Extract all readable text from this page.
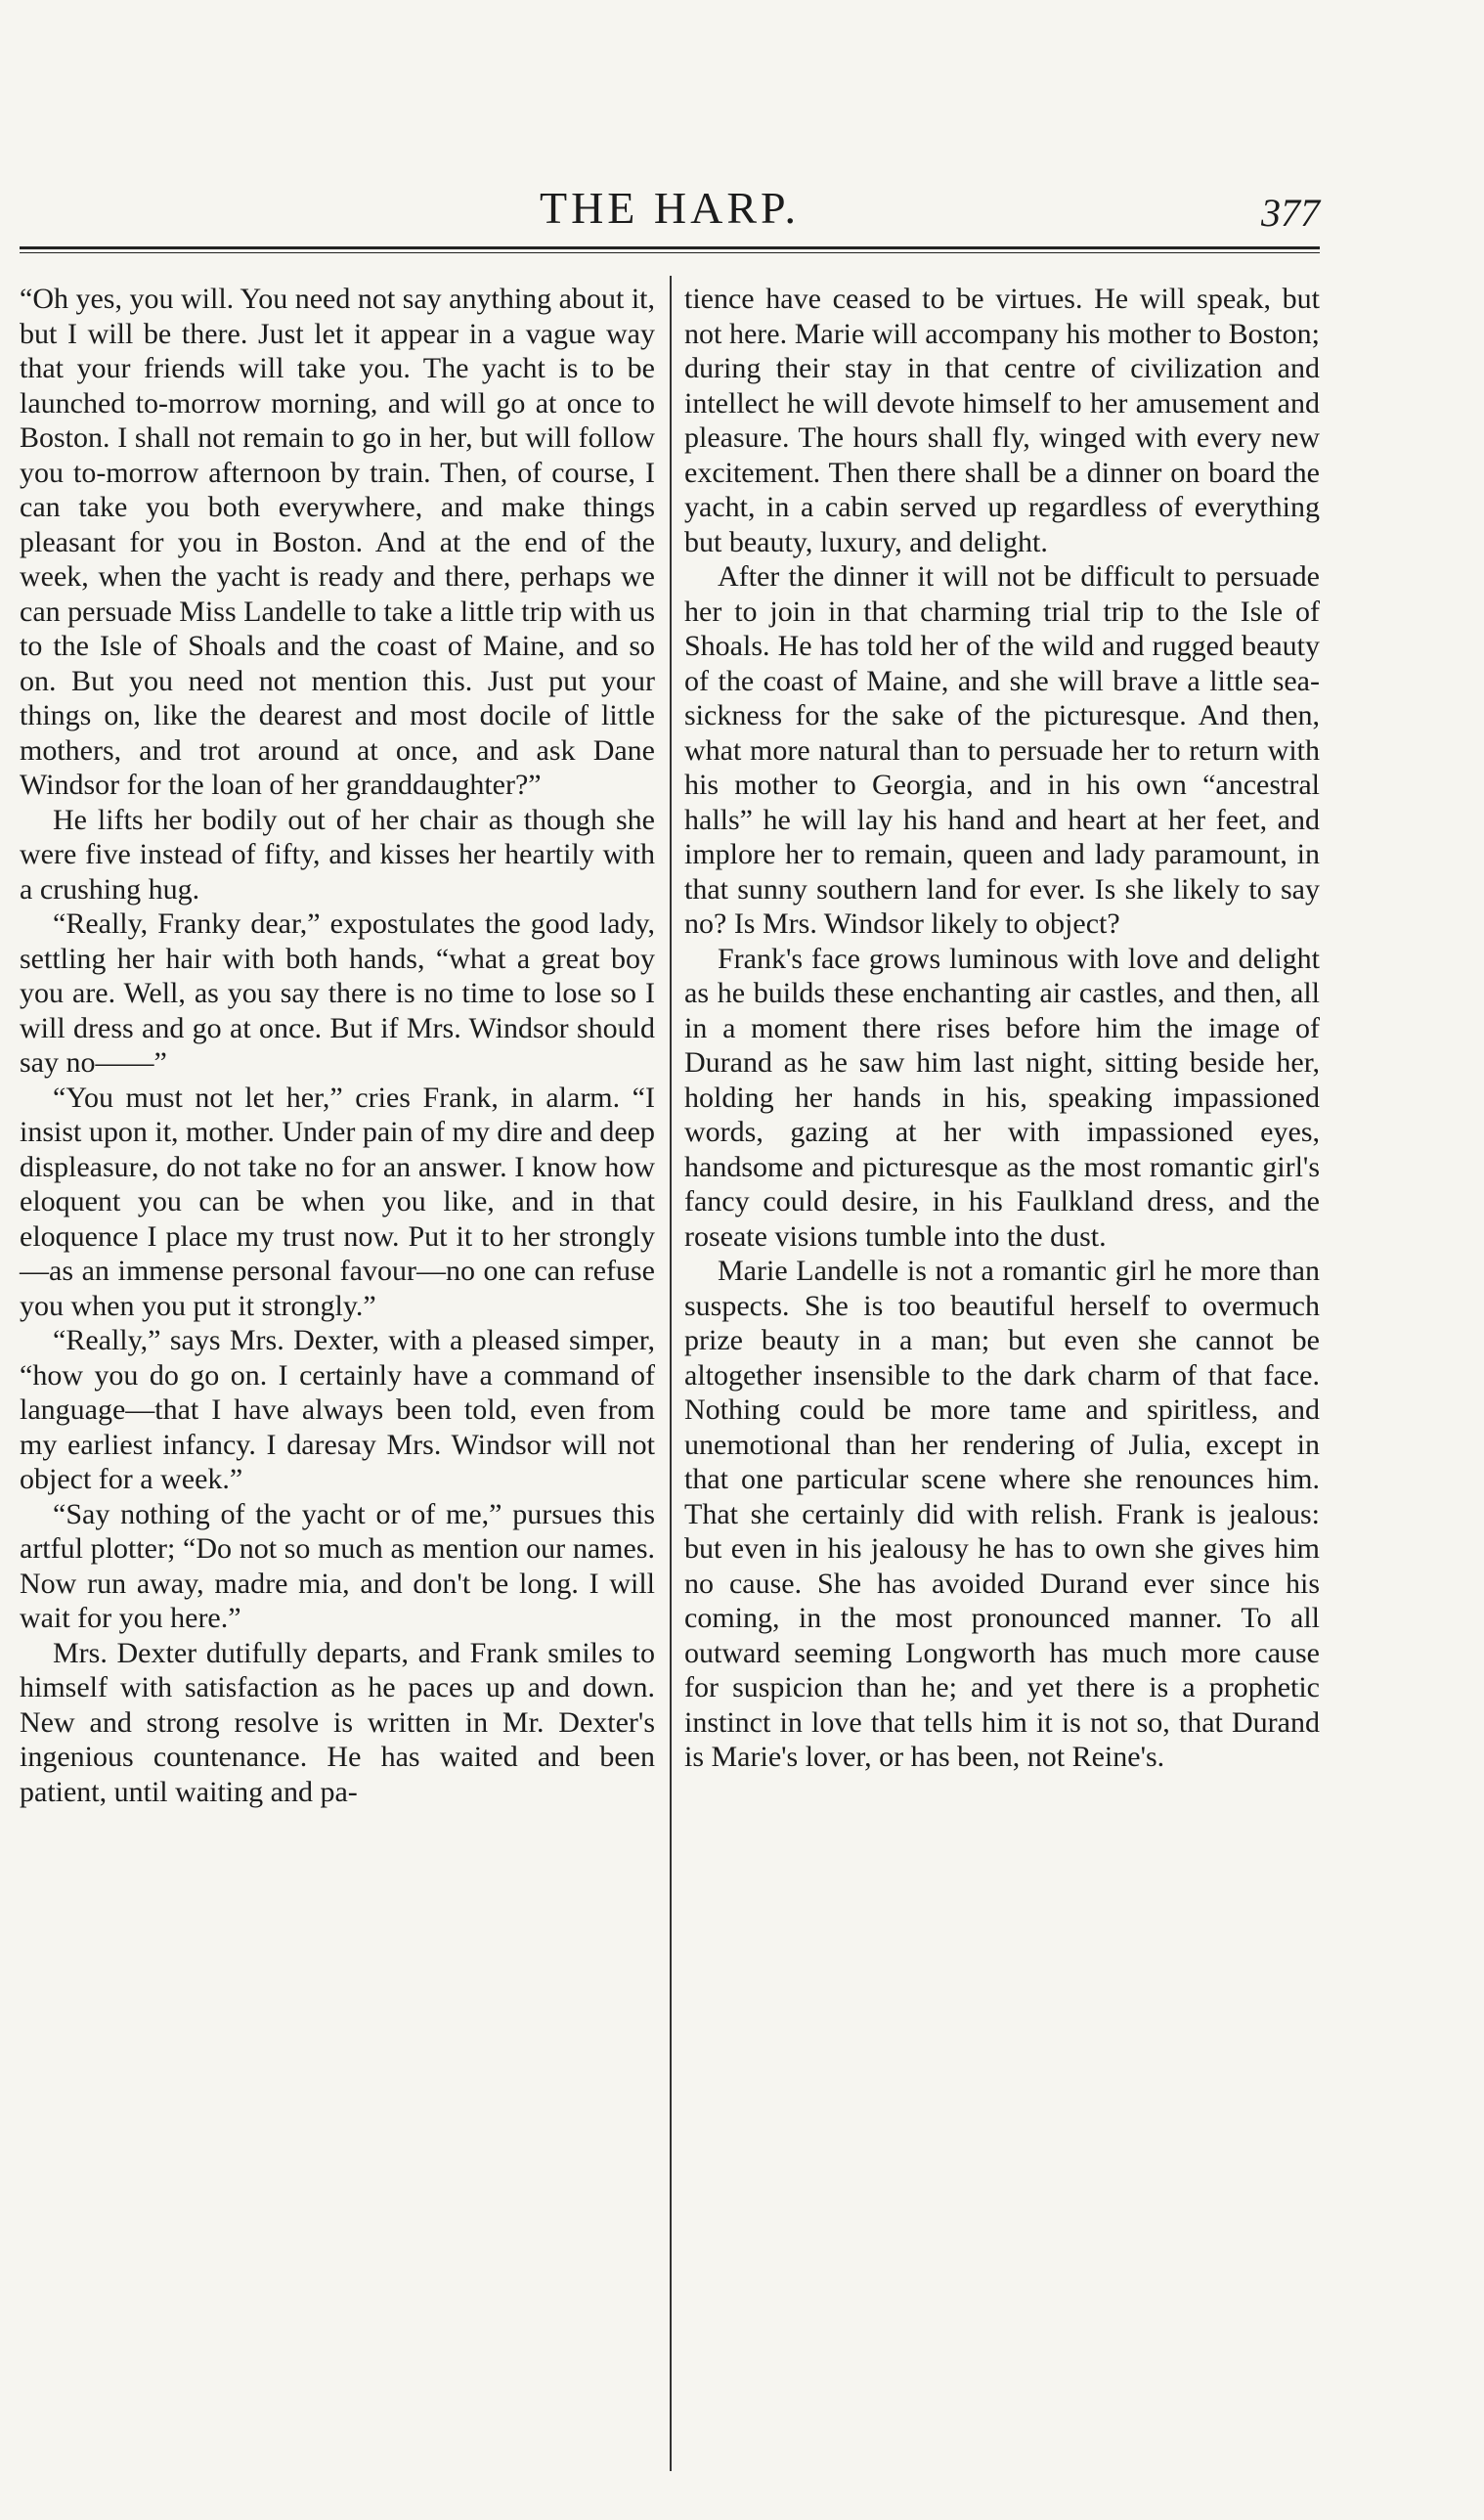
THE HARP.	377

“Oh yes, you will. You need not say anything about it, but I will be there. Just let it appear in a vague way that your friends will take you. The yacht is to be launched to-morrow morning, and will go at once to Boston. I shall not remain to go in her, but will follow you to-morrow afternoon by train. Then, of course, I can take you both everywhere, and make things pleasant for you in Boston. And at the end of the week, when the yacht is ready and there, perhaps we can persuade Miss Landelle to take a little trip with us to the Isle of Shoals and the coast of Maine, and so on. But you need not mention this. Just put your things on, like the dearest and most docile of little mothers, and trot around at once, and ask Dane Windsor for the loan of her granddaughter?”

He lifts her bodily out of her chair as though she were five instead of fifty, and kisses her heartily with a crushing hug.

“Really, Franky dear,” expostulates the good lady, settling her hair with both hands, “what a great boy you are. Well, as you say there is no time to lose so I will dress and go at once. But if Mrs. Windsor should say no——”

“You must not let her,” cries Frank, in alarm. “I insist upon it, mother. Under pain of my dire and deep displeasure, do not take no for an answer. I know how eloquent you can be when you like, and in that eloquence I place my trust now. Put it to her strongly—as an immense personal favour—no one can refuse you when you put it strongly.”

“Really,” says Mrs. Dexter, with a pleased simper, “how you do go on. I certainly have a command of language—that I have always been told, even from my earliest infancy. I daresay Mrs. Windsor will not object for a week.”

“Say nothing of the yacht or of me,” pursues this artful plotter; “Do not so much as mention our names. Now run away, madre mia, and don't be long. I will wait for you here.”

Mrs. Dexter dutifully departs, and Frank smiles to himself with satisfaction as he paces up and down. New and strong resolve is written in Mr. Dexter's ingenious countenance. He has waited and been patient, until waiting and pa-

tience have ceased to be virtues. He will speak, but not here. Marie will accompany his mother to Boston; during their stay in that centre of civilization and intellect he will devote himself to her amusement and pleasure. The hours shall fly, winged with every new excitement. Then there shall be a dinner on board the yacht, in a cabin served up regardless of everything but beauty, luxury, and delight.

After the dinner it will not be difficult to persuade her to join in that charming trial trip to the Isle of Shoals. He has told her of the wild and rugged beauty of the coast of Maine, and she will brave a little sea-sickness for the sake of the picturesque. And then, what more natural than to persuade her to return with his mother to Georgia, and in his own “ancestral halls” he will lay his hand and heart at her feet, and implore her to remain, queen and lady paramount, in that sunny southern land for ever. Is she likely to say no? Is Mrs. Windsor likely to object?

Frank's face grows luminous with love and delight as he builds these enchanting air castles, and then, all in a moment there rises before him the image of Durand as he saw him last night, sitting beside her, holding her hands in his, speaking impassioned words, gazing at her with impassioned eyes, handsome and picturesque as the most romantic girl's fancy could desire, in his Faulkland dress, and the roseate visions tumble into the dust.

Marie Landelle is not a romantic girl he more than suspects. She is too beautiful herself to overmuch prize beauty in a man; but even she cannot be altogether insensible to the dark charm of that face. Nothing could be more tame and spiritless, and unemotional than her rendering of Julia, except in that one particular scene where she renounces him. That she certainly did with relish. Frank is jealous: but even in his jealousy he has to own she gives him no cause. She has avoided Durand ever since his coming, in the most pronounced manner. To all outward seeming Longworth has much more cause for suspicion than he; and yet there is a prophetic instinct in love that tells him it is not so, that Durand is Marie's lover, or has been, not Reine's.
